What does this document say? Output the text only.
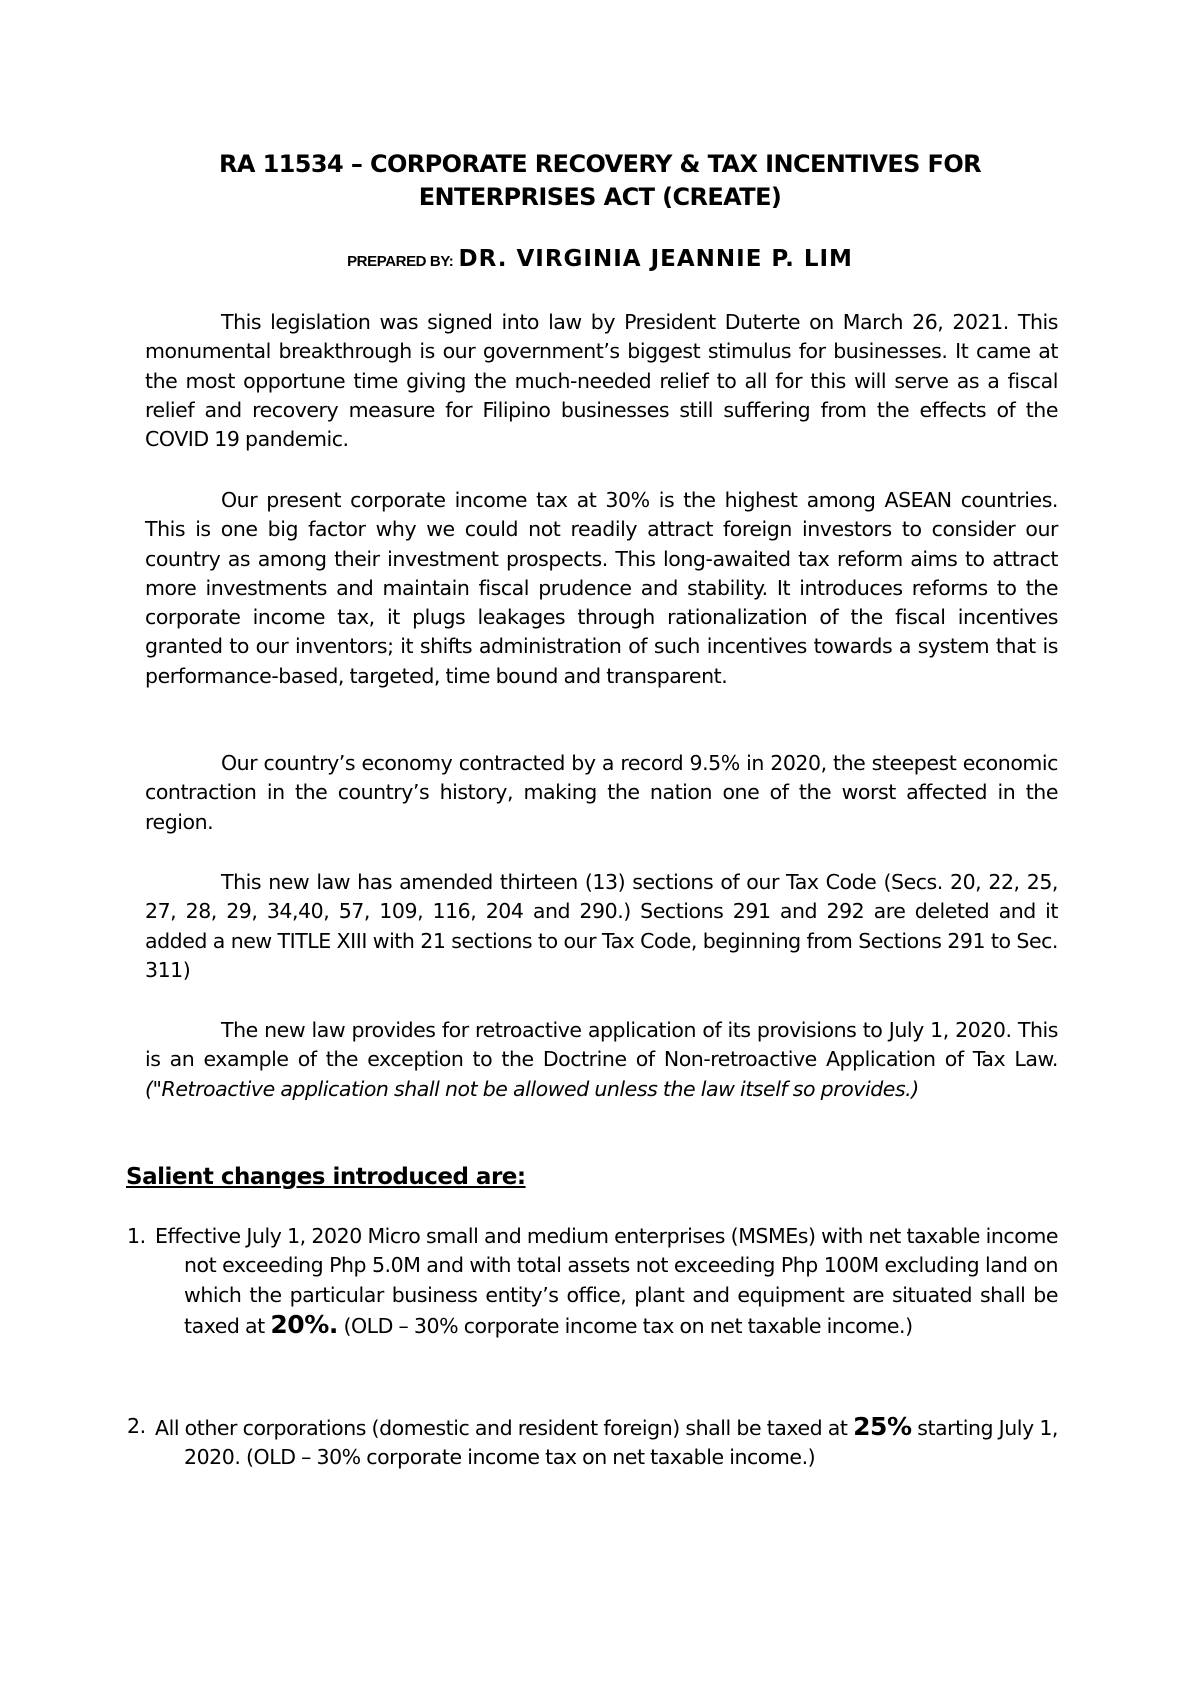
RA 11534 – CORPORATE RECOVERY & TAX INCENTIVES FOR
ENTERPRISES ACT (CREATE)
PREPARED BY: DR. VIRGINIA JEANNIE P. LIM

This legislation was signed into law by President Duterte on March 26, 2021. This monumental breakthrough is our government’s biggest stimulus for businesses. It came at the most opportune time giving the much-needed relief to all for this will serve as a fiscal relief and recovery measure for Filipino businesses still suffering from the effects of the COVID 19 pandemic.

Our present corporate income tax at 30% is the highest among ASEAN countries. This is one big factor why we could not readily attract foreign investors to consider our country as among their investment prospects. This long-awaited tax reform aims to attract more investments and maintain fiscal prudence and stability. It introduces reforms to the corporate income tax, it plugs leakages through rationalization of the fiscal incentives granted to our inventors; it shifts administration of such incentives towards a system that is performance-based, targeted, time bound and transparent.

Our country’s economy contracted by a record 9.5% in 2020, the steepest economic contraction in the country’s history, making the nation one of the worst affected in the region.

This new law has amended thirteen (13) sections of our Tax Code (Secs. 20, 22, 25, 27, 28, 29, 34,40, 57, 109, 116, 204 and 290.) Sections 291 and 292 are deleted and it added a new TITLE XIII with 21 sections to our Tax Code, beginning from Sections 291 to Sec. 311)

The new law provides for retroactive application of its provisions to July 1, 2020. This is an example of the exception to the Doctrine of Non-retroactive Application of Tax Law. ("Retroactive application shall not be allowed unless the law itself so provides.)

Salient changes introduced are:
1. Effective July 1, 2020 Micro small and medium enterprises (MSMEs) with net taxable income not exceeding Php 5.0M and with total assets not exceeding Php 100M excluding land on which the particular business entity’s office, plant and equipment are situated shall be taxed at 20%. (OLD – 30% corporate income tax on net taxable income.)

2. All other corporations (domestic and resident foreign) shall be taxed at 25% starting July 1, 2020. (OLD – 30% corporate income tax on net taxable income.)
